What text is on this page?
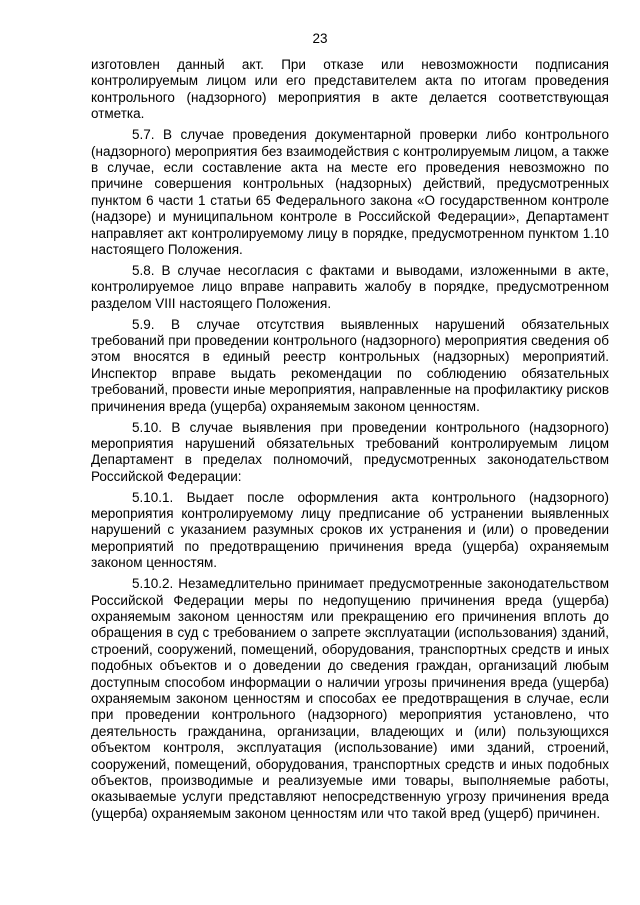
23

изготовлен данный акт. При отказе или невозможности подписания контролируемым лицом или его представителем акта по итогам проведения контрольного (надзорного) мероприятия в акте делается соответствующая отметка.

5.7. В случае проведения документарной проверки либо контрольного (надзорного) мероприятия без взаимодействия с контролируемым лицом, а также в случае, если составление акта на месте его проведения невозможно по причине совершения контрольных (надзорных) действий, предусмотренных пунктом 6 части 1 статьи 65 Федерального закона «О государственном контроле (надзоре) и муниципальном контроле в Российской Федерации», Департамент направляет акт контролируемому лицу в порядке, предусмотренном пунктом 1.10 настоящего Положения.

5.8. В случае несогласия с фактами и выводами, изложенными в акте, контролируемое лицо вправе направить жалобу в порядке, предусмотренном разделом VIII настоящего Положения.

5.9. В случае отсутствия выявленных нарушений обязательных требований при проведении контрольного (надзорного) мероприятия сведения об этом вносятся в единый реестр контрольных (надзорных) мероприятий. Инспектор вправе выдать рекомендации по соблюдению обязательных требований, провести иные мероприятия, направленные на профилактику рисков причинения вреда (ущерба) охраняемым законом ценностям.

5.10. В случае выявления при проведении контрольного (надзорного) мероприятия нарушений обязательных требований контролируемым лицом Департамент в пределах полномочий, предусмотренных законодательством Российской Федерации:

5.10.1. Выдает после оформления акта контрольного (надзорного) мероприятия контролируемому лицу предписание об устранении выявленных нарушений с указанием разумных сроков их устранения и (или) о проведении мероприятий по предотвращению причинения вреда (ущерба) охраняемым законом ценностям.

5.10.2. Незамедлительно принимает предусмотренные законодательством Российской Федерации меры по недопущению причинения вреда (ущерба) охраняемым законом ценностям или прекращению его причинения вплоть до обращения в суд с требованием о запрете эксплуатации (использования) зданий, строений, сооружений, помещений, оборудования, транспортных средств и иных подобных объектов и о доведении до сведения граждан, организаций любым доступным способом информации о наличии угрозы причинения вреда (ущерба) охраняемым законом ценностям и способах ее предотвращения в случае, если при проведении контрольного (надзорного) мероприятия установлено, что деятельность гражданина, организации, владеющих и (или) пользующихся объектом контроля, эксплуатация (использование) ими зданий, строений, сооружений, помещений, оборудования, транспортных средств и иных подобных объектов, производимые и реализуемые ими товары, выполняемые работы, оказываемые услуги представляют непосредственную угрозу причинения вреда (ущерба) охраняемым законом ценностям или что такой вред (ущерб) причинен.
